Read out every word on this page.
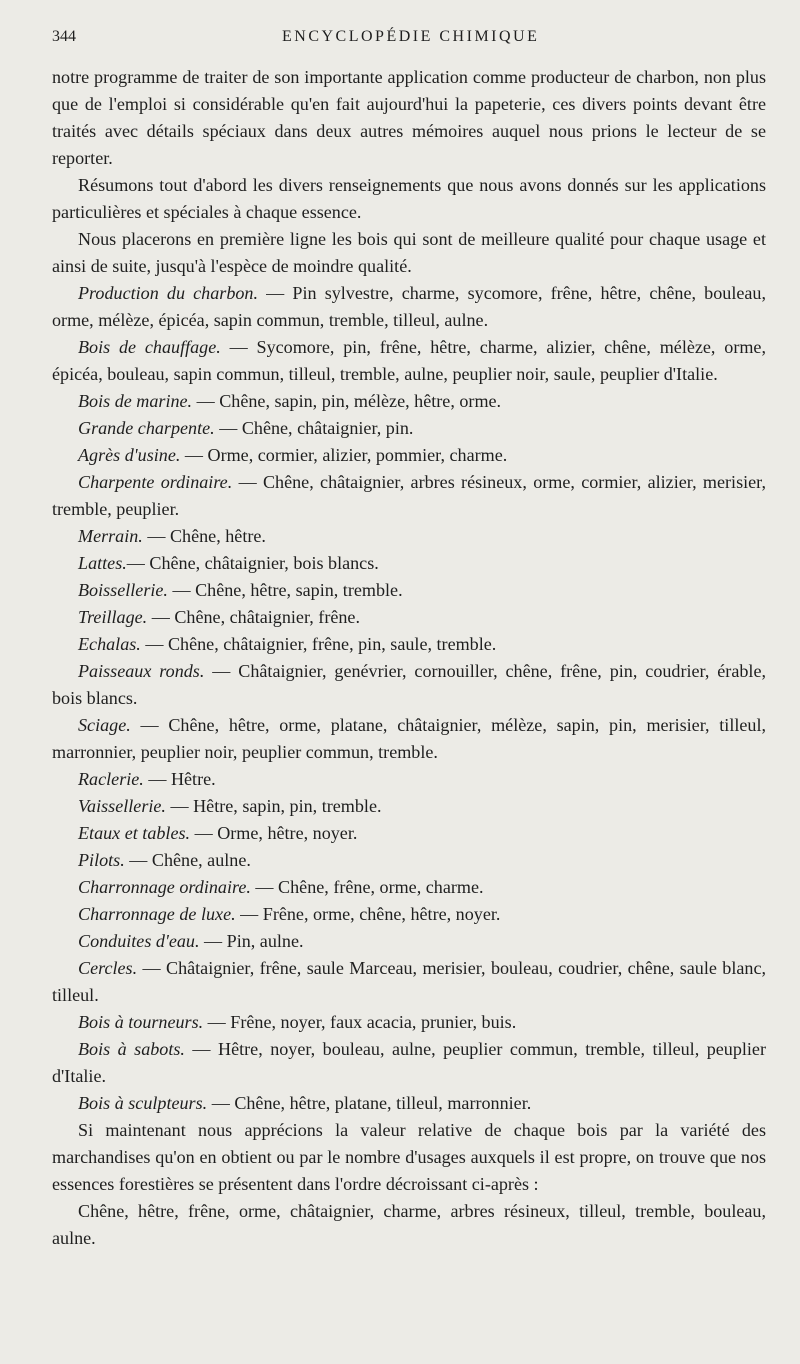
344	ENCYCLOPÉDIE CHIMIQUE

notre programme de traiter de son importante application comme producteur de charbon, non plus que de l'emploi si considérable qu'en fait aujourd'hui la papeterie, ces divers points devant être traités avec détails spéciaux dans deux autres mémoires auquel nous prions le lecteur de se reporter.

Résumons tout d'abord les divers renseignements que nous avons donnés sur les applications particulières et spéciales à chaque essence.

Nous placerons en première ligne les bois qui sont de meilleure qualité pour chaque usage et ainsi de suite, jusqu'à l'espèce de moindre qualité.

Production du charbon. — Pin sylvestre, charme, sycomore, frêne, hêtre, chêne, bouleau, orme, mélèze, épicéa, sapin commun, tremble, tilleul, aulne.

Bois de chauffage. — Sycomore, pin, frêne, hêtre, charme, alizier, chêne, mélèze, orme, épicéa, bouleau, sapin commun, tilleul, tremble, aulne, peuplier noir, saule, peuplier d'Italie.

Bois de marine. — Chêne, sapin, pin, mélèze, hêtre, orme.

Grande charpente. — Chêne, châtaignier, pin.

Agrès d'usine. — Orme, cormier, alizier, pommier, charme.

Charpente ordinaire. — Chêne, châtaignier, arbres résineux, orme, cormier, alizier, merisier, tremble, peuplier.

Merrain. — Chêne, hêtre.

Lattes.— Chêne, châtaignier, bois blancs.

Boissellerie. — Chêne, hêtre, sapin, tremble.

Treillage. — Chêne, châtaignier, frêne.

Echalas. — Chêne, châtaignier, frêne, pin, saule, tremble.

Paisseaux ronds. — Châtaignier, genévrier, cornouiller, chêne, frêne, pin, coudrier, érable, bois blancs.

Sciage. — Chêne, hêtre, orme, platane, châtaignier, mélèze, sapin, pin, merisier, tilleul, marronnier, peuplier noir, peuplier commun, tremble.

Raclerie. — Hêtre.

Vaissellerie. — Hêtre, sapin, pin, tremble.

Etaux et tables. — Orme, hêtre, noyer.

Pilots. — Chêne, aulne.

Charronnage ordinaire. — Chêne, frêne, orme, charme.

Charronnage de luxe. — Frêne, orme, chêne, hêtre, noyer.

Conduites d'eau. — Pin, aulne.

Cercles. — Châtaignier, frêne, saule Marceau, merisier, bouleau, coudrier, chêne, saule blanc, tilleul.

Bois à tourneurs. — Frêne, noyer, faux acacia, prunier, buis.

Bois à sabots. — Hêtre, noyer, bouleau, aulne, peuplier commun, tremble, tilleul, peuplier d'Italie.

Bois à sculpteurs. — Chêne, hêtre, platane, tilleul, marronnier.

Si maintenant nous apprécions la valeur relative de chaque bois par la variété des marchandises qu'on en obtient ou par le nombre d'usages auxquels il est propre, on trouve que nos essences forestières se présentent dans l'ordre décroissant ci-après :

Chêne, hêtre, frêne, orme, châtaignier, charme, arbres résineux, tilleul, tremble, bouleau, aulne.
